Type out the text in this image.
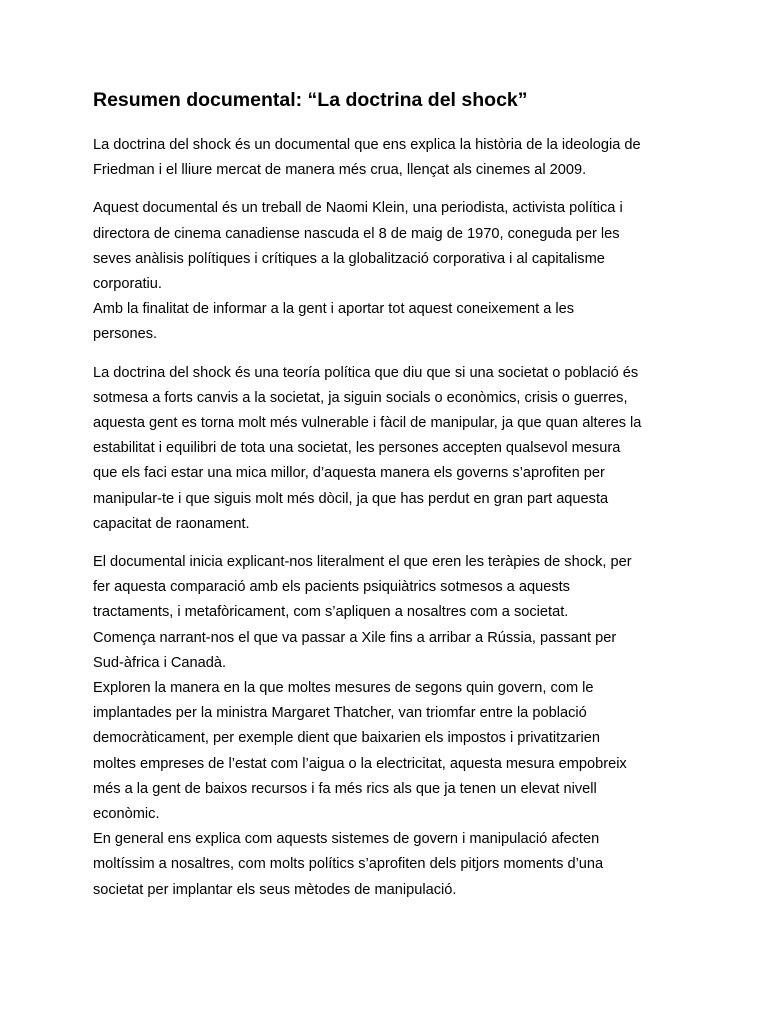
Resumen documental: “La doctrina del shock”

La doctrina del shock és un documental que ens explica la història de la ideologia de
Friedman i el lliure mercat de manera més crua, llençat als cinemes al 2009.

Aquest documental és un treball de Naomi Klein, una periodista, activista política i
directora de cinema canadiense nascuda el 8 de maig de 1970, coneguda per les
seves anàlisis polítiques i crítiques a la globalització corporativa i al capitalisme
corporatiu.
Amb la finalitat de informar a la gent i aportar tot aquest coneixement a les
persones.

La doctrina del shock és una teoría política que diu que si una societat o població és
sotmesa a forts canvis a la societat, ja siguin socials o econòmics, crisis o guerres,
aquesta gent es torna molt més vulnerable i fàcil de manipular, ja que quan alteres la
estabilitat i equilibri de tota una societat, les persones accepten qualsevol mesura
que els faci estar una mica millor, d’aquesta manera els governs s’aprofiten per
manipular-te i que siguis molt més dòcil, ja que has perdut en gran part aquesta
capacitat de raonament.

El documental inicia explicant-nos literalment el que eren les teràpies de shock, per
fer aquesta comparació amb els pacients psiquiàtrics sotmesos a aquests
tractaments, i metafòricament, com s’apliquen a nosaltres com a societat.
Comença narrant-nos el que va passar a Xile fins a arribar a Rússia, passant per
Sud-àfrica i Canadà.
Exploren la manera en la que moltes mesures de segons quin govern, com le
implantades per la ministra Margaret Thatcher, van triomfar entre la població
democràticament, per exemple dient que baixarien els impostos i privatitzarien
moltes empreses de l’estat com l’aigua o la electricitat, aquesta mesura empobreix
més a la gent de baixos recursos i fa més rics als que ja tenen un elevat nivell
econòmic.
En general ens explica com aquests sistemes de govern i manipulació afecten
moltíssim a nosaltres, com molts polítics s’aprofiten dels pitjors moments d’una
societat per implantar els seus mètodes de manipulació.
